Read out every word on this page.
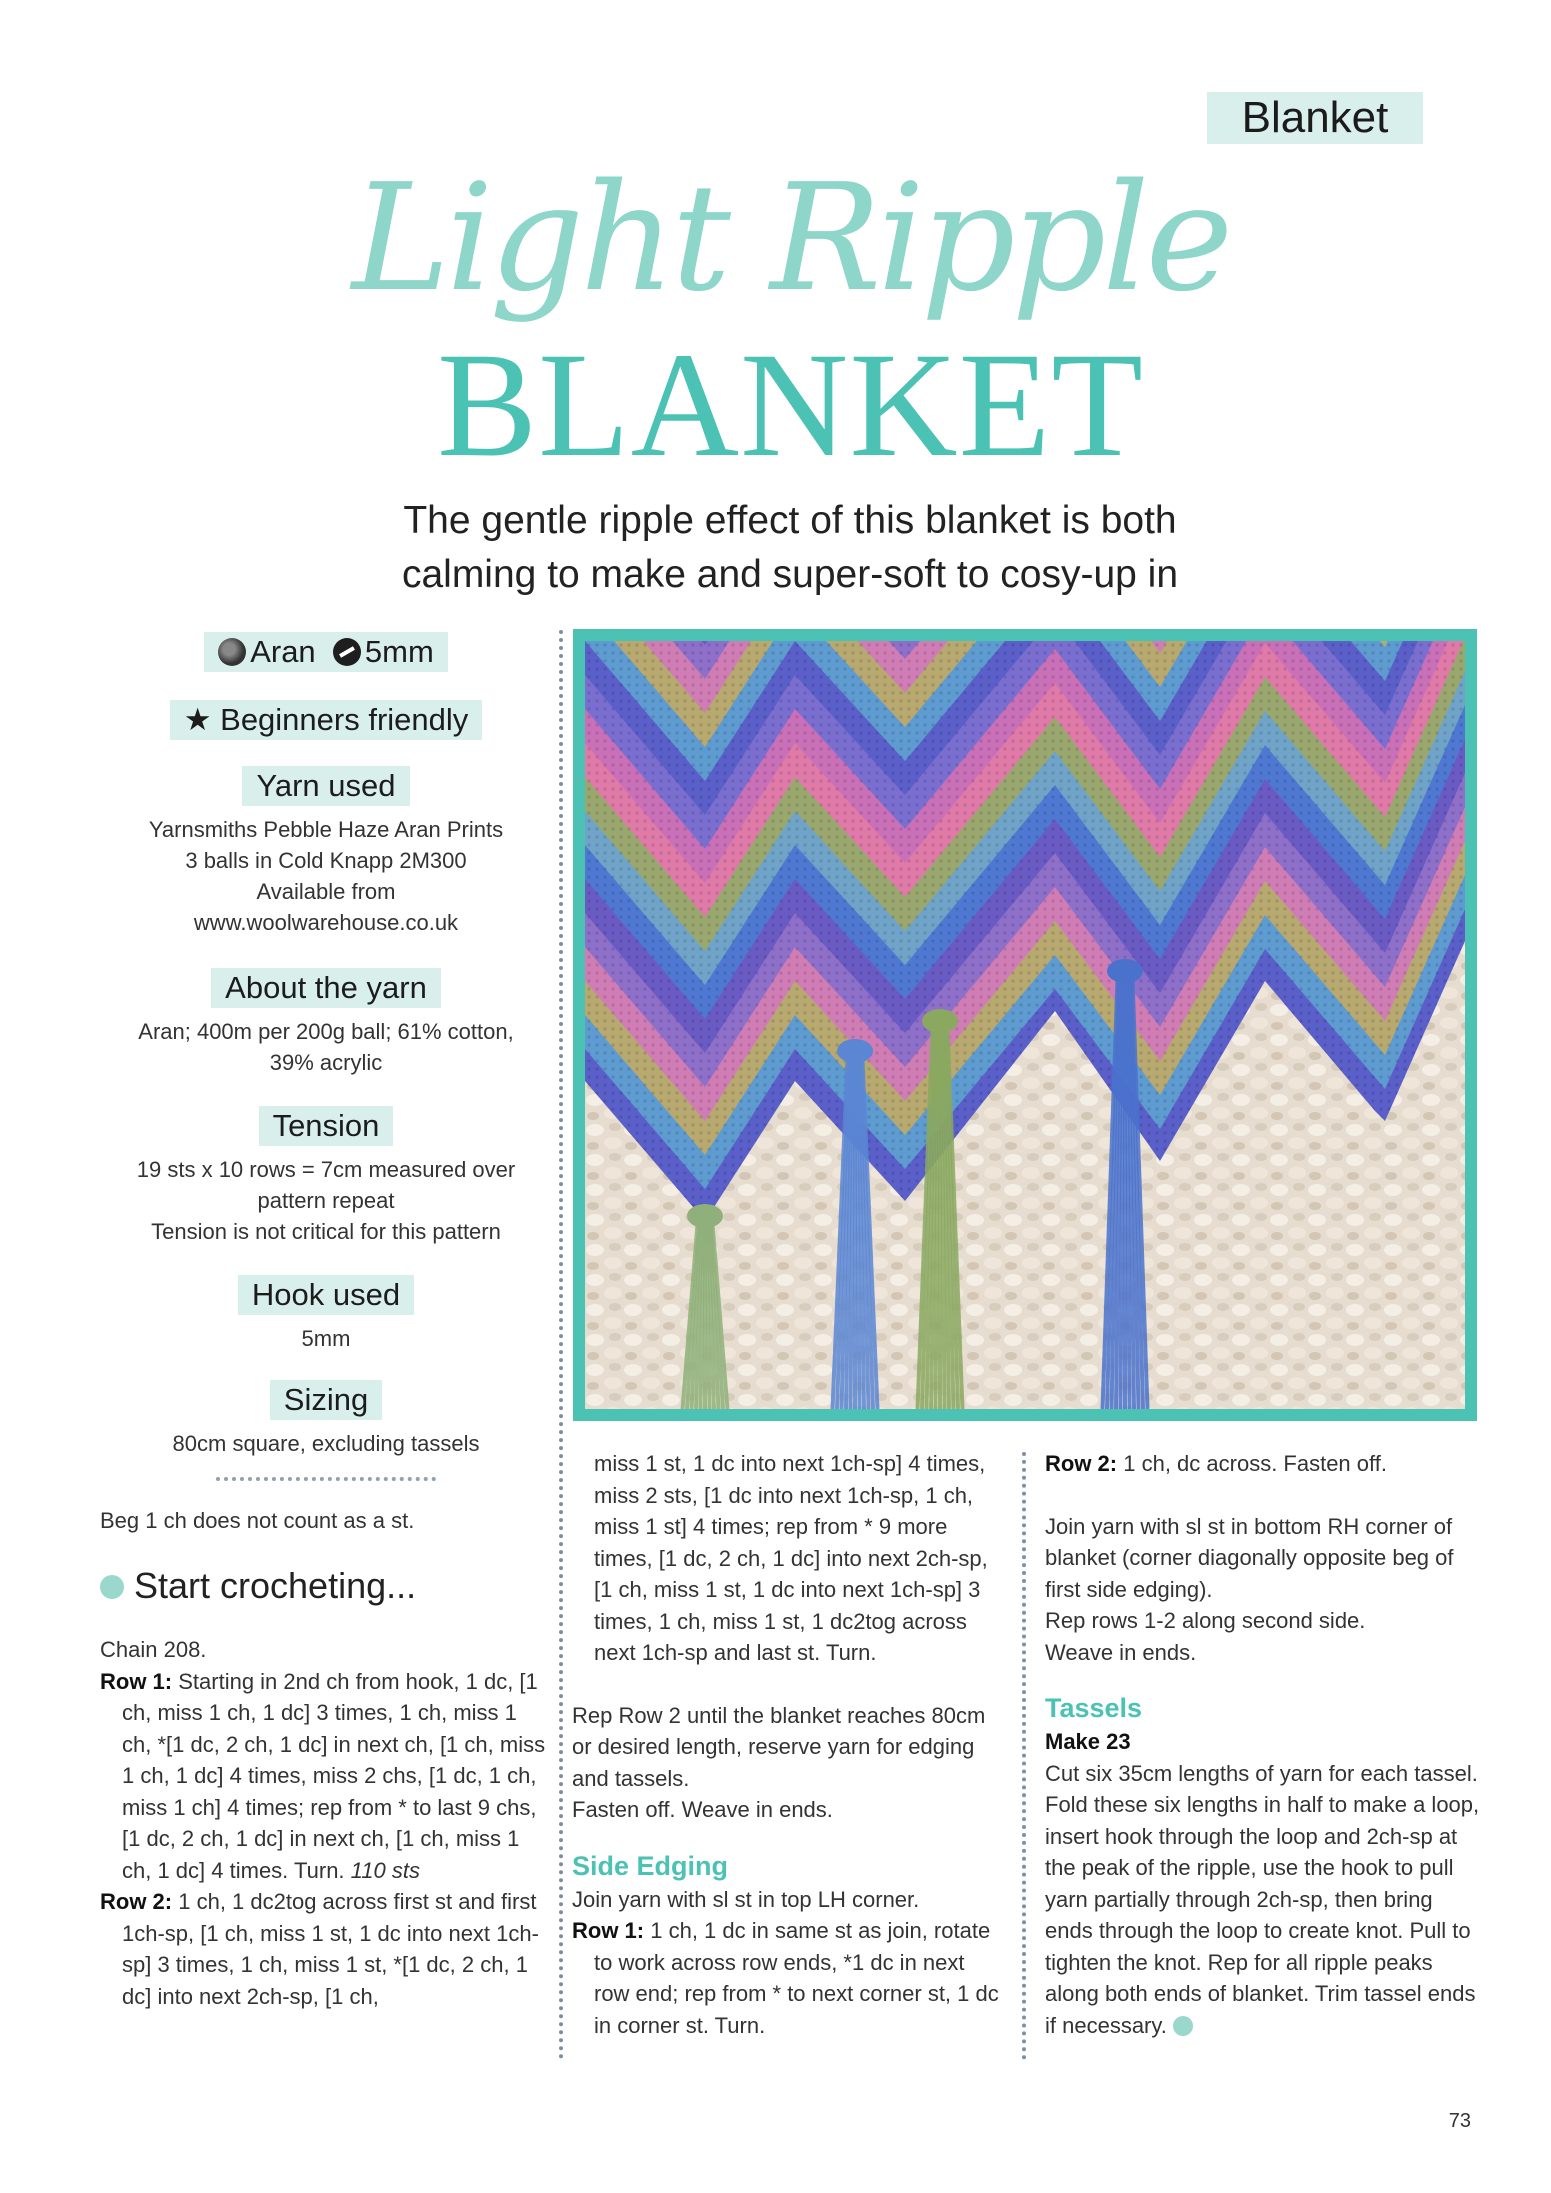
Blanket
Light Ripple
BLANKET
The gentle ripple effect of this blanket is both
calming to make and super-soft to cosy-up in
Aran 5mm
★ Beginners friendly
Yarn used
Yarnsmiths Pebble Haze Aran Prints
3 balls in Cold Knapp 2M300
Available from
www.woolwarehouse.co.uk
About the yarn
Aran; 400m per 200g ball; 61% cotton,
39% acrylic
Tension
19 sts x 10 rows = 7cm measured over
pattern repeat
Tension is not critical for this pattern
Hook used
5mm
Sizing
80cm square, excluding tassels
Beg 1 ch does not count as a st.
Start crocheting...

Chain 208.

Row 1: Starting in 2nd ch from hook, 1 dc, [1 ch, miss 1 ch, 1 dc] 3 times, 1 ch, miss 1 ch, *[1 dc, 2 ch, 1 dc] in next ch, [1 ch, miss 1 ch, 1 dc] 4 times, miss 2 chs, [1 dc, 1 ch, miss 1 ch] 4 times; rep from * to last 9 chs, [1 dc, 2 ch, 1 dc] in next ch, [1 ch, miss 1 ch, 1 dc] 4 times. Turn. 110 sts

Row 2: 1 ch, 1 dc2tog across first st and first 1ch-sp, [1 ch, miss 1 st, 1 dc into next 1ch-sp] 3 times, 1 ch, miss 1 st, *[1 dc, 2 ch, 1 dc] into next 2ch-sp, [1 ch,

miss 1 st, 1 dc into next 1ch-sp] 4 times, miss 2 sts, [1 dc into next 1ch-sp, 1 ch, miss 1 st] 4 times; rep from * 9 more times, [1 dc, 2 ch, 1 dc] into next 2ch-sp, [1 ch, miss 1 st, 1 dc into next 1ch-sp] 3 times, 1 ch, miss 1 st, 1 dc2tog across next 1ch-sp and last st. Turn.

Rep Row 2 until the blanket reaches 80cm or desired length, reserve yarn for edging and tassels.

Fasten off. Weave in ends.

Side Edging

Join yarn with sl st in top LH corner.

Row 1: 1 ch, 1 dc in same st as join, rotate to work across row ends, *1 dc in next row end; rep from * to next corner st, 1 dc in corner st. Turn.

Row 2: 1 ch, dc across. Fasten off.

Join yarn with sl st in bottom RH corner of blanket (corner diagonally opposite beg of first side edging).

Rep rows 1-2 along second side.

Weave in ends.

Tassels

Make 23

Cut six 35cm lengths of yarn for each tassel. Fold these six lengths in half to make a loop, insert hook through the loop and 2ch-sp at the peak of the ripple, use the hook to pull yarn partially through 2ch-sp, then bring ends through the loop to create knot. Pull to tighten the knot. Rep for all ripple peaks along both ends of blanket. Trim tassel ends if necessary.

73
